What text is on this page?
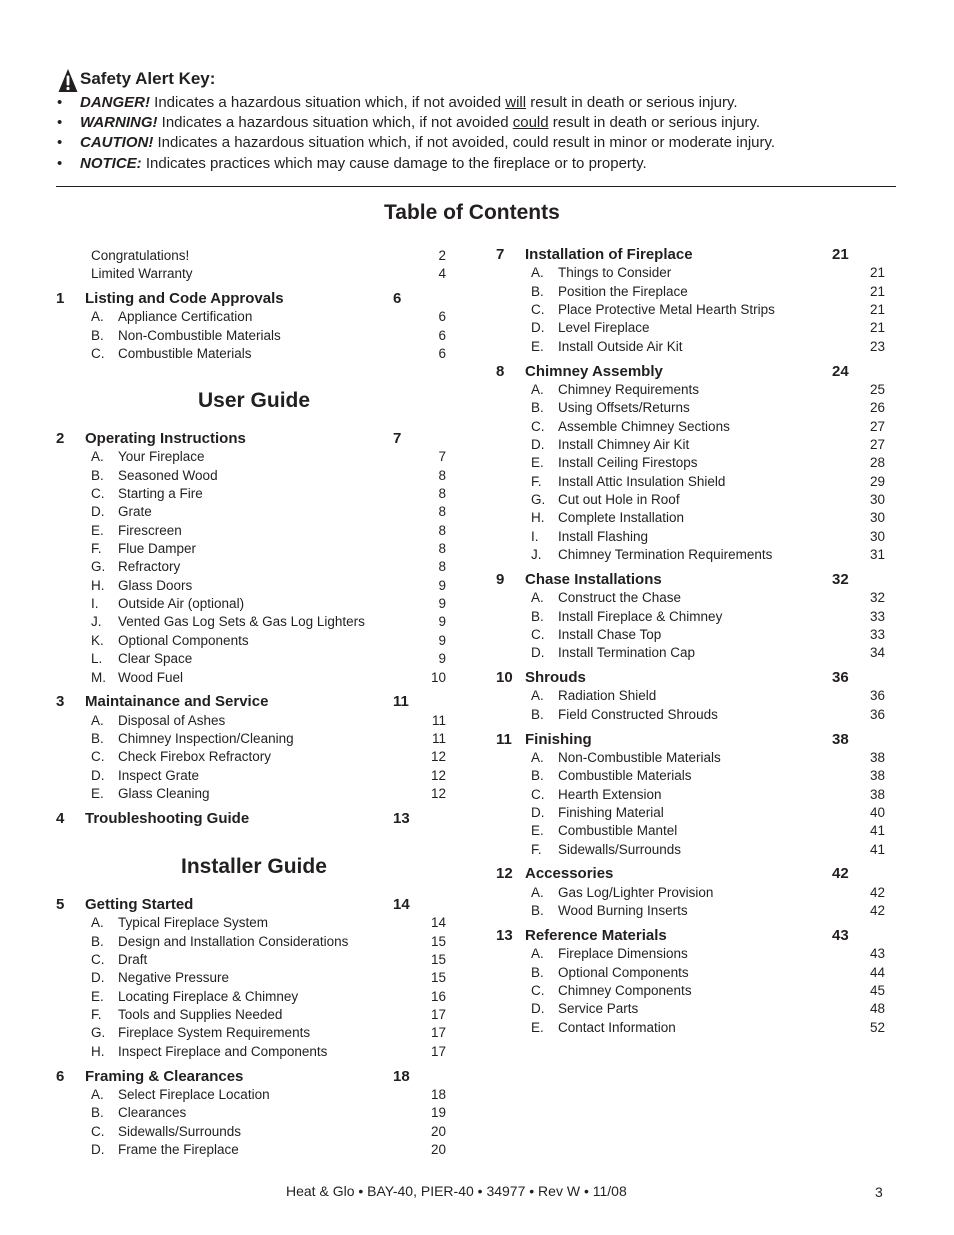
Safety Alert Key:
• DANGER! Indicates a hazardous situation which, if not avoided will result in death or serious injury.
• WARNING! Indicates a hazardous situation which, if not avoided could result in death or serious injury.
• CAUTION! Indicates a hazardous situation which, if not avoided, could result in minor or moderate injury.
• NOTICE: Indicates practices which may cause damage to the fireplace or to property.
Table of Contents
User Guide
Installer Guide
Congratulations!	2
Limited Warranty	4
1 Listing and Code Approvals	6
A. Appliance Certification	6
B. Non-Combustible Materials	6
C. Combustible Materials	6
2 Operating Instructions	7
A. Your Fireplace	7
B. Seasoned Wood	8
C. Starting a Fire	8
D. Grate	8
E. Firescreen	8
F. Flue Damper	8
G. Refractory	8
H. Glass Doors	9
I. Outside Air (optional)	9
J. Vented Gas Log Sets & Gas Log Lighters	9
K. Optional Components	9
L. Clear Space	9
M. Wood Fuel	10
3 Maintainance and Service	11
A. Disposal of Ashes	11
B. Chimney Inspection/Cleaning	11
C. Check Firebox Refractory	12
D. Inspect Grate	12
E. Glass Cleaning	12
4 Troubleshooting Guide	13
5 Getting Started	14
A. Typical Fireplace System	14
B. Design and Installation Considerations	15
C. Draft	15
D. Negative Pressure	15
E. Locating Fireplace & Chimney	16
F. Tools and Supplies Needed	17
G. Fireplace System Requirements	17
H. Inspect Fireplace and Components	17
6 Framing & Clearances	18
A. Select Fireplace Location	18
B. Clearances	19
C. Sidewalls/Surrounds	20
D. Frame the Fireplace	20
7 Installation of Fireplace	21
A. Things to Consider	21
B. Position the Fireplace	21
C. Place Protective Metal Hearth Strips	21
D. Level Fireplace	21
E. Install Outside Air Kit	23
8 Chimney Assembly	24
A. Chimney Requirements	25
B. Using Offsets/Returns	26
C. Assemble Chimney Sections	27
D. Install Chimney Air Kit	27
E. Install Ceiling Firestops	28
F. Install Attic Insulation Shield	29
G. Cut out Hole in Roof	30
H. Complete Installation	30
I. Install Flashing	30
J. Chimney Termination Requirements	31
9 Chase Installations	32
A. Construct the Chase	32
B. Install Fireplace & Chimney	33
C. Install Chase Top	33
D. Install Termination Cap	34
10 Shrouds	36
A. Radiation Shield	36
B. Field Constructed Shrouds	36
11 Finishing	38
A. Non-Combustible Materials	38
B. Combustible Materials	38
C. Hearth Extension	38
D. Finishing Material	40
E. Combustible Mantel	41
F. Sidewalls/Surrounds	41
12 Accessories	42
A. Gas Log/Lighter Provision	42
B. Wood Burning Inserts	42
13 Reference Materials	43
A. Fireplace Dimensions	43
B. Optional Components	44
C. Chimney Components	45
D. Service Parts	48
E. Contact Information	52
Heat & Glo • BAY-40, PIER-40 • 34977 • Rev W • 11/08	3
